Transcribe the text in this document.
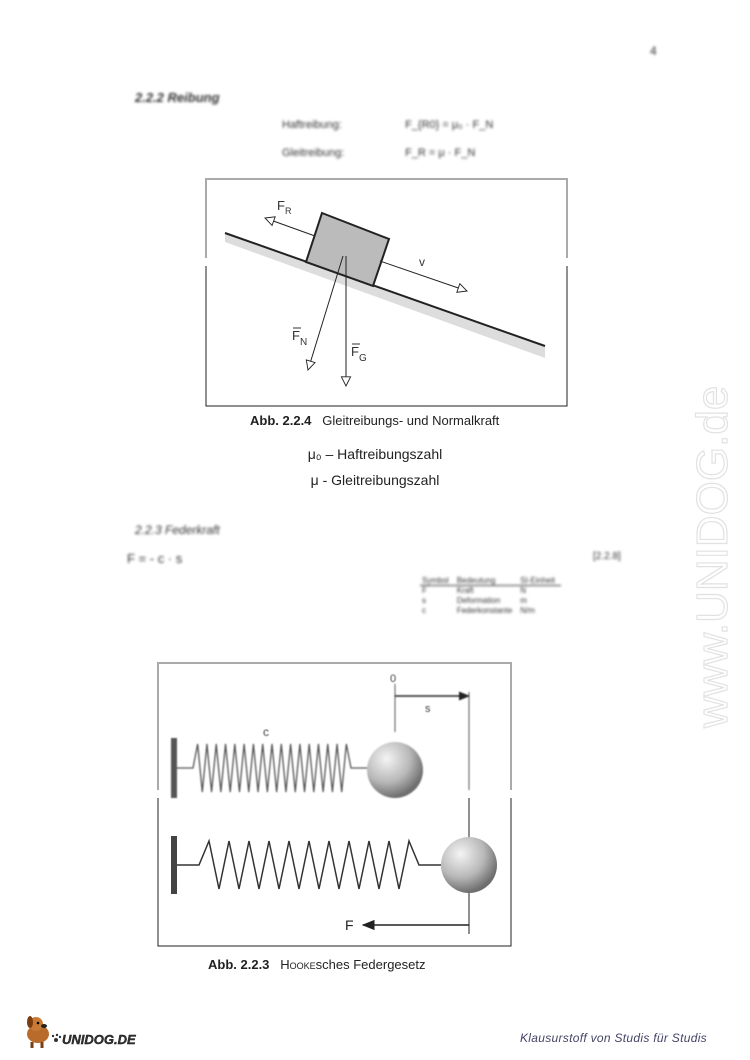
4
2.2.2 Reibung
Haftreibung:	F_{R0} = μ₀ · F_N
Gleitreibung:	F_R = μ · F_N
$F_R$
v
$F_N$
$F_G$
Abb. 2.2.4 Gleitreibungs- und Normalkraft
μ₀ – Haftreibungszahl
μ - Gleitreibungszahl
2.2.3 Federkraft
F = - c · s	[2.2.8]
Symbol	Bedeutung	SI-Einheit
F	Kraft	N
s	Deformation	m
c	Federkonstante	N/m
0
s
c
F
Abb. 2.2.3 Hookesches Federgesetz
www.UNIDOG.de
UNIDOG.DE	Klausurstoff von Studis für Studis
